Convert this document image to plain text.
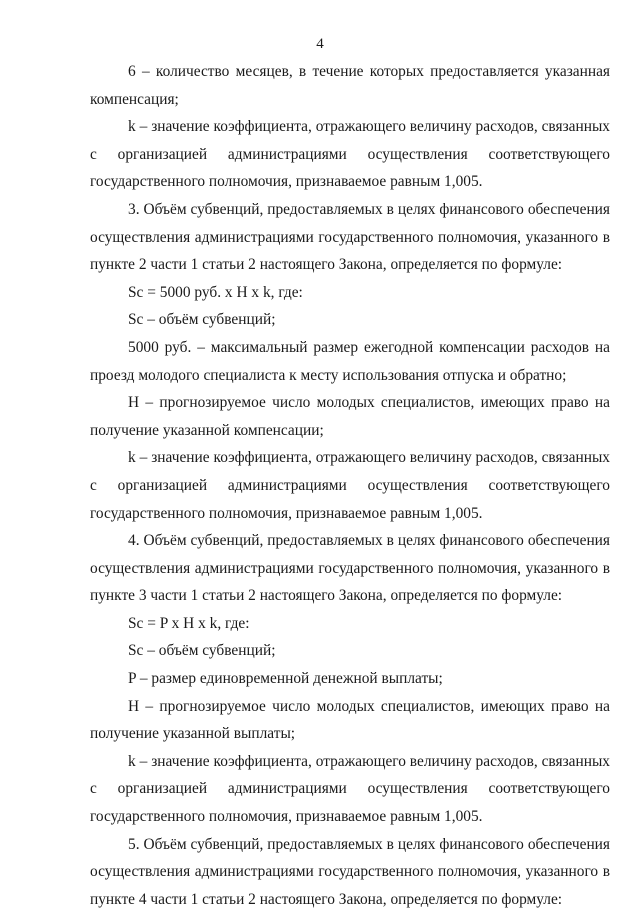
4

6 – количество месяцев, в течение которых предоставляется указанная компенсация;

k – значение коэффициента, отражающего величину расходов, связанных с организацией администрациями осуществления соответствующего государственного полномочия, признаваемое равным 1,005.

3. Объём субвенций, предоставляемых в целях финансового обеспечения осуществления администрациями государственного полномочия, указанного в пункте 2 части 1 статьи 2 настоящего Закона, определяется по формуле:

Sc = 5000 руб. x H x k, где:

Sc – объём субвенций;

5000 руб. – максимальный размер ежегодной компенсации расходов на проезд молодого специалиста к месту использования отпуска и обратно;

H – прогнозируемое число молодых специалистов, имеющих право на получение указанной компенсации;

k – значение коэффициента, отражающего величину расходов, связанных с организацией администрациями осуществления соответствующего государственного полномочия, признаваемое равным 1,005.

4. Объём субвенций, предоставляемых в целях финансового обеспечения осуществления администрациями государственного полномочия, указанного в пункте 3 части 1 статьи 2 настоящего Закона, определяется по формуле:

Sc = P x H x k, где:

Sc – объём субвенций;

P – размер единовременной денежной выплаты;

H – прогнозируемое число молодых специалистов, имеющих право на получение указанной выплаты;

k – значение коэффициента, отражающего величину расходов, связанных с организацией администрациями осуществления соответствующего государственного полномочия, признаваемое равным 1,005.

5. Объём субвенций, предоставляемых в целях финансового обеспечения осуществления администрациями государственного полномочия, указанного в пункте 4 части 1 статьи 2 настоящего Закона, определяется по формуле:
